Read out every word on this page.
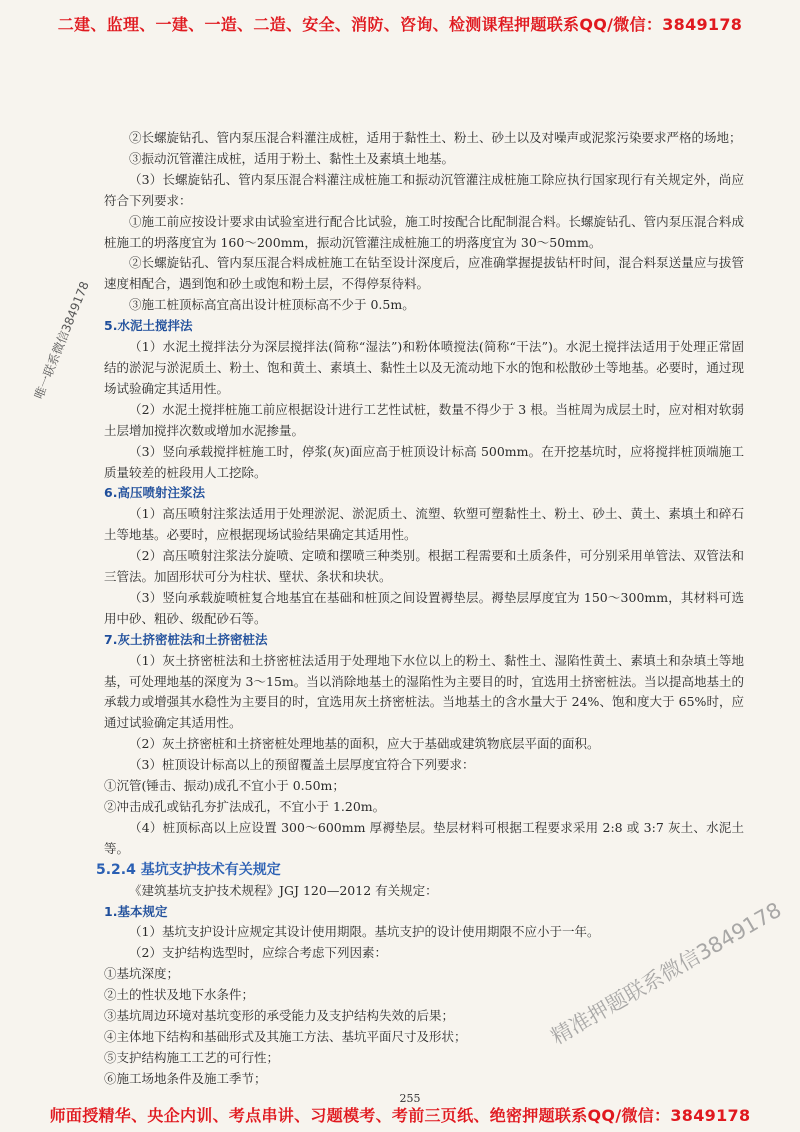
二建、监理、一建、一造、二造、安全、消防、咨询、检测课程押题联系QQ/微信：3849178
唯一联系微信3849178

②长螺旋钻孔、管内泵压混合料灌注成桩，适用于黏性土、粉土、砂土以及对噪声或泥浆污染要求严格的场地；

③振动沉管灌注成桩，适用于粉土、黏性土及素填土地基。

（3）长螺旋钻孔、管内泵压混合料灌注成桩施工和振动沉管灌注成桩施工除应执行国家现行有关规定外，尚应符合下列要求：

①施工前应按设计要求由试验室进行配合比试验，施工时按配合比配制混合料。长螺旋钻孔、管内泵压混合料成桩施工的坍落度宜为 160～200mm，振动沉管灌注成桩施工的坍落度宜为 30～50mm。

②长螺旋钻孔、管内泵压混合料成桩施工在钻至设计深度后，应准确掌握提拔钻杆时间，混合料泵送量应与拔管速度相配合，遇到饱和砂土或饱和粉土层，不得停泵待料。

③施工桩顶标高宜高出设计桩顶标高不少于 0.5m。

5.水泥土搅拌法

（1）水泥土搅拌法分为深层搅拌法(简称“湿法”)和粉体喷搅法(简称“干法”)。水泥土搅拌法适用于处理正常固结的淤泥与淤泥质土、粉土、饱和黄土、素填土、黏性土以及无流动地下水的饱和松散砂土等地基。必要时，通过现场试验确定其适用性。

（2）水泥土搅拌桩施工前应根据设计进行工艺性试桩，数量不得少于 3 根。当桩周为成层土时，应对相对软弱土层增加搅拌次数或增加水泥掺量。

（3）竖向承载搅拌桩施工时，停浆(灰)面应高于桩顶设计标高 500mm。在开挖基坑时，应将搅拌桩顶端施工质量较差的桩段用人工挖除。

6.高压喷射注浆法

（1）高压喷射注浆法适用于处理淤泥、淤泥质土、流塑、软塑可塑黏性土、粉土、砂土、黄土、素填土和碎石土等地基。必要时，应根据现场试验结果确定其适用性。

（2）高压喷射注浆法分旋喷、定喷和摆喷三种类别。根据工程需要和土质条件，可分别采用单管法、双管法和三管法。加固形状可分为柱状、壁状、条状和块状。

（3）竖向承载旋喷桩复合地基宜在基础和桩顶之间设置褥垫层。褥垫层厚度宜为 150～300mm，其材料可选用中砂、粗砂、级配砂石等。

7.灰土挤密桩法和土挤密桩法

（1）灰土挤密桩法和土挤密桩法适用于处理地下水位以上的粉土、黏性土、湿陷性黄土、素填土和杂填土等地基，可处理地基的深度为 3～15m。当以消除地基土的湿陷性为主要目的时，宜选用土挤密桩法。当以提高地基土的承载力或增强其水稳性为主要目的时，宜选用灰土挤密桩法。当地基土的含水量大于 24%、饱和度大于 65%时，应通过试验确定其适用性。

（2）灰土挤密桩和土挤密桩处理地基的面积，应大于基础或建筑物底层平面的面积。

（3）桩顶设计标高以上的预留覆盖土层厚度宜符合下列要求：

①沉管(锤击、振动)成孔不宜小于 0.50m；

②冲击成孔或钻孔夯扩法成孔，不宜小于 1.20m。

（4）桩顶标高以上应设置 300～600mm 厚褥垫层。垫层材料可根据工程要求采用 2:8 或 3:7 灰土、水泥土等。

5.2.4 基坑支护技术有关规定

《建筑基坑支护技术规程》JGJ 120—2012 有关规定：

1.基本规定

（1）基坑支护设计应规定其设计使用期限。基坑支护的设计使用期限不应小于一年。

（2）支护结构选型时，应综合考虑下列因素：

①基坑深度；

②土的性状及地下水条件；

③基坑周边环境对基坑变形的承受能力及支护结构失效的后果；

④主体地下结构和基础形式及其施工方法、基坑平面尺寸及形状；

⑤支护结构施工工艺的可行性；

⑥施工场地条件及施工季节；

精准押题联系微信3849178
255
师面授精华、央企内训、考点串讲、习题模考、考前三页纸、绝密押题联系QQ/微信：3849178
